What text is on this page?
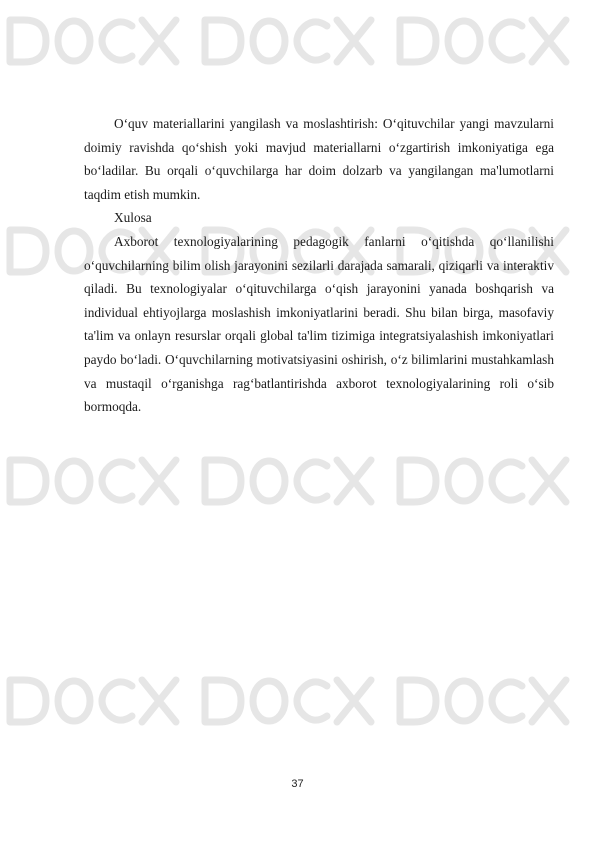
O‘quv materiallarini yangilash va moslashtirish: O‘qituvchilar yangi mavzularni doimiy ravishda qo‘shish yoki mavjud materiallarni o‘zgartirish imkoniyatiga ega bo‘ladilar. Bu orqali o‘quvchilarga har doim dolzarb va yangilangan ma'lumotlarni taqdim etish mumkin.

Xulosa

Axborot texnologiyalarining pedagogik fanlarni o‘qitishda qo‘llanilishi o‘quvchilarning bilim olish jarayonini sezilarli darajada samarali, qiziqarli va interaktiv qiladi. Bu texnologiyalar o‘qituvchilarga o‘qish jarayonini yanada boshqarish va individual ehtiyojlarga moslashish imkoniyatlarini beradi. Shu bilan birga, masofaviy ta'lim va onlayn resurslar orqali global ta'lim tizimiga integratsiyalashish imkoniyatlari paydo bo‘ladi. O‘quvchilarning motivatsiyasini oshirish, o‘z bilimlarini mustahkamlash va mustaqil o‘rganishga rag‘batlantirishda axborot texnologiyalarining roli o‘sib bormoqda.

37
